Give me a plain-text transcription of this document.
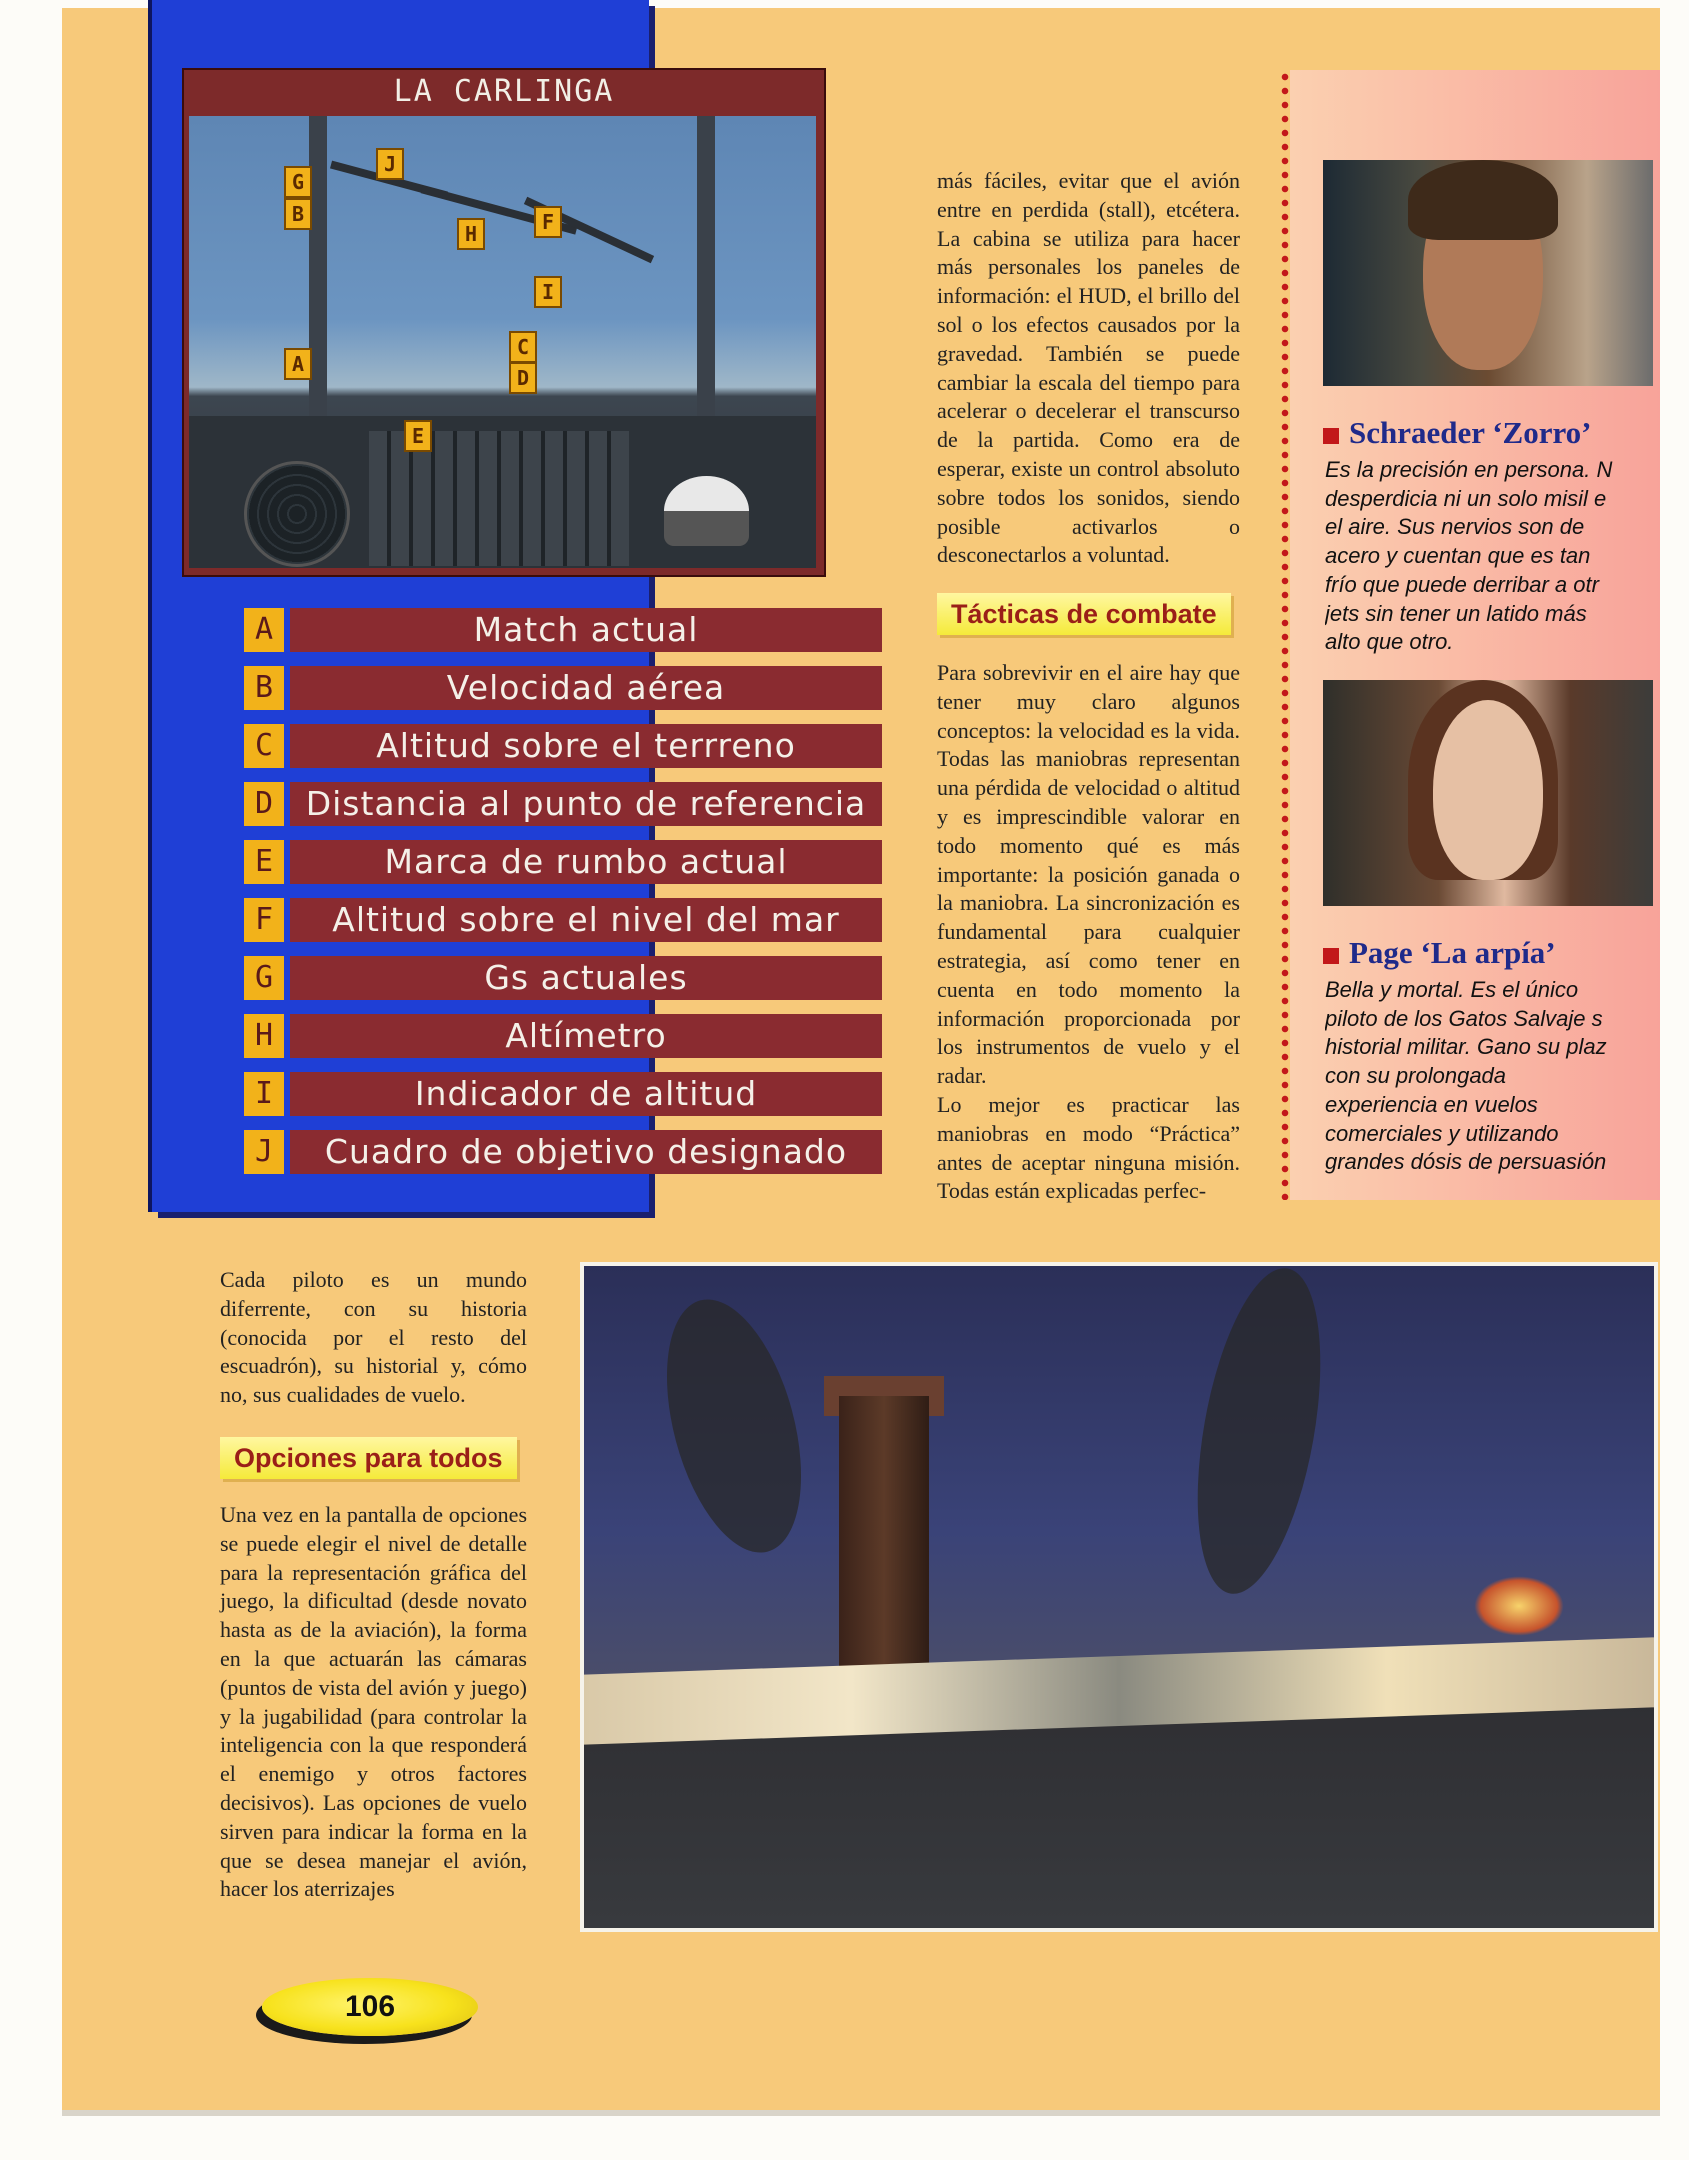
LA CARLINGA
G
B
J
H	F
I
C
D
A
E
A	Match actual
B	Velocidad aérea
C	Altitud sobre el terrreno
D Distancia al punto de referencia
E	Marca de rumbo actual
F	Altitud sobre el nivel del mar
G	Gs actuales
H	Altímetro
I	Indicador de altitud
J	Cuadro de objetivo designado

más fáciles, evitar que el avión entre en perdida (stall), etcétera. La cabina se utiliza para hacer más personales los paneles de información: el HUD, el brillo del sol o los efectos causados por la gravedad. También se puede cambiar la escala del tiempo para acelerar o decelerar el transcurso de la partida. Como era de esperar, existe un control absoluto sobre todos los sonidos, siendo posible activarlos o desconectarlos a voluntad.

Tácticas de combate

Para sobrevivir en el aire hay que tener muy claro algunos conceptos: la velocidad es la vida. Todas las maniobras representan una pérdida de velocidad o altitud y es imprescindible valorar en todo momento qué es más importante: la posición ganada o la maniobra. La sincronización es fundamental para cualquier estrategia, así como tener en cuenta en todo momento la información proporcionada por los instrumentos de vuelo y el radar.

Lo mejor es practicar las maniobras en modo “Práctica” antes de aceptar ninguna misión. Todas están explicadas perfec-

Schraeder ‘Zorro’

Es la precisión en persona. N

desperdicia ni un solo misil e

el aire. Sus nervios son de

acero y cuentan que es tan

frío que puede derribar a otr

jets sin tener un latido más

alto que otro.

Page ‘La arpía’

Bella y mortal. Es el único

piloto de los Gatos Salvaje s

historial militar. Gano su plaz

con su prolongada

experiencia en vuelos

comerciales y utilizando

grandes dósis de persuasión

Cada piloto es un mundo diferrente, con su historia (conocida por el resto del escuadrón), su historial y, cómo no, sus cualidades de vuelo.

Opciones para todos

Una vez en la pantalla de opciones se puede elegir el nivel de detalle para la representación gráfica del juego, la dificultad (desde novato hasta as de la aviación), la forma en la que actuarán las cámaras (puntos de vista del avión y juego) y la jugabilidad (para controlar la inteligencia con la que responderá el enemigo y otros factores decisivos). Las opciones de vuelo sirven para indicar la forma en la que se desea manejar el avión, hacer los aterrizajes

106
